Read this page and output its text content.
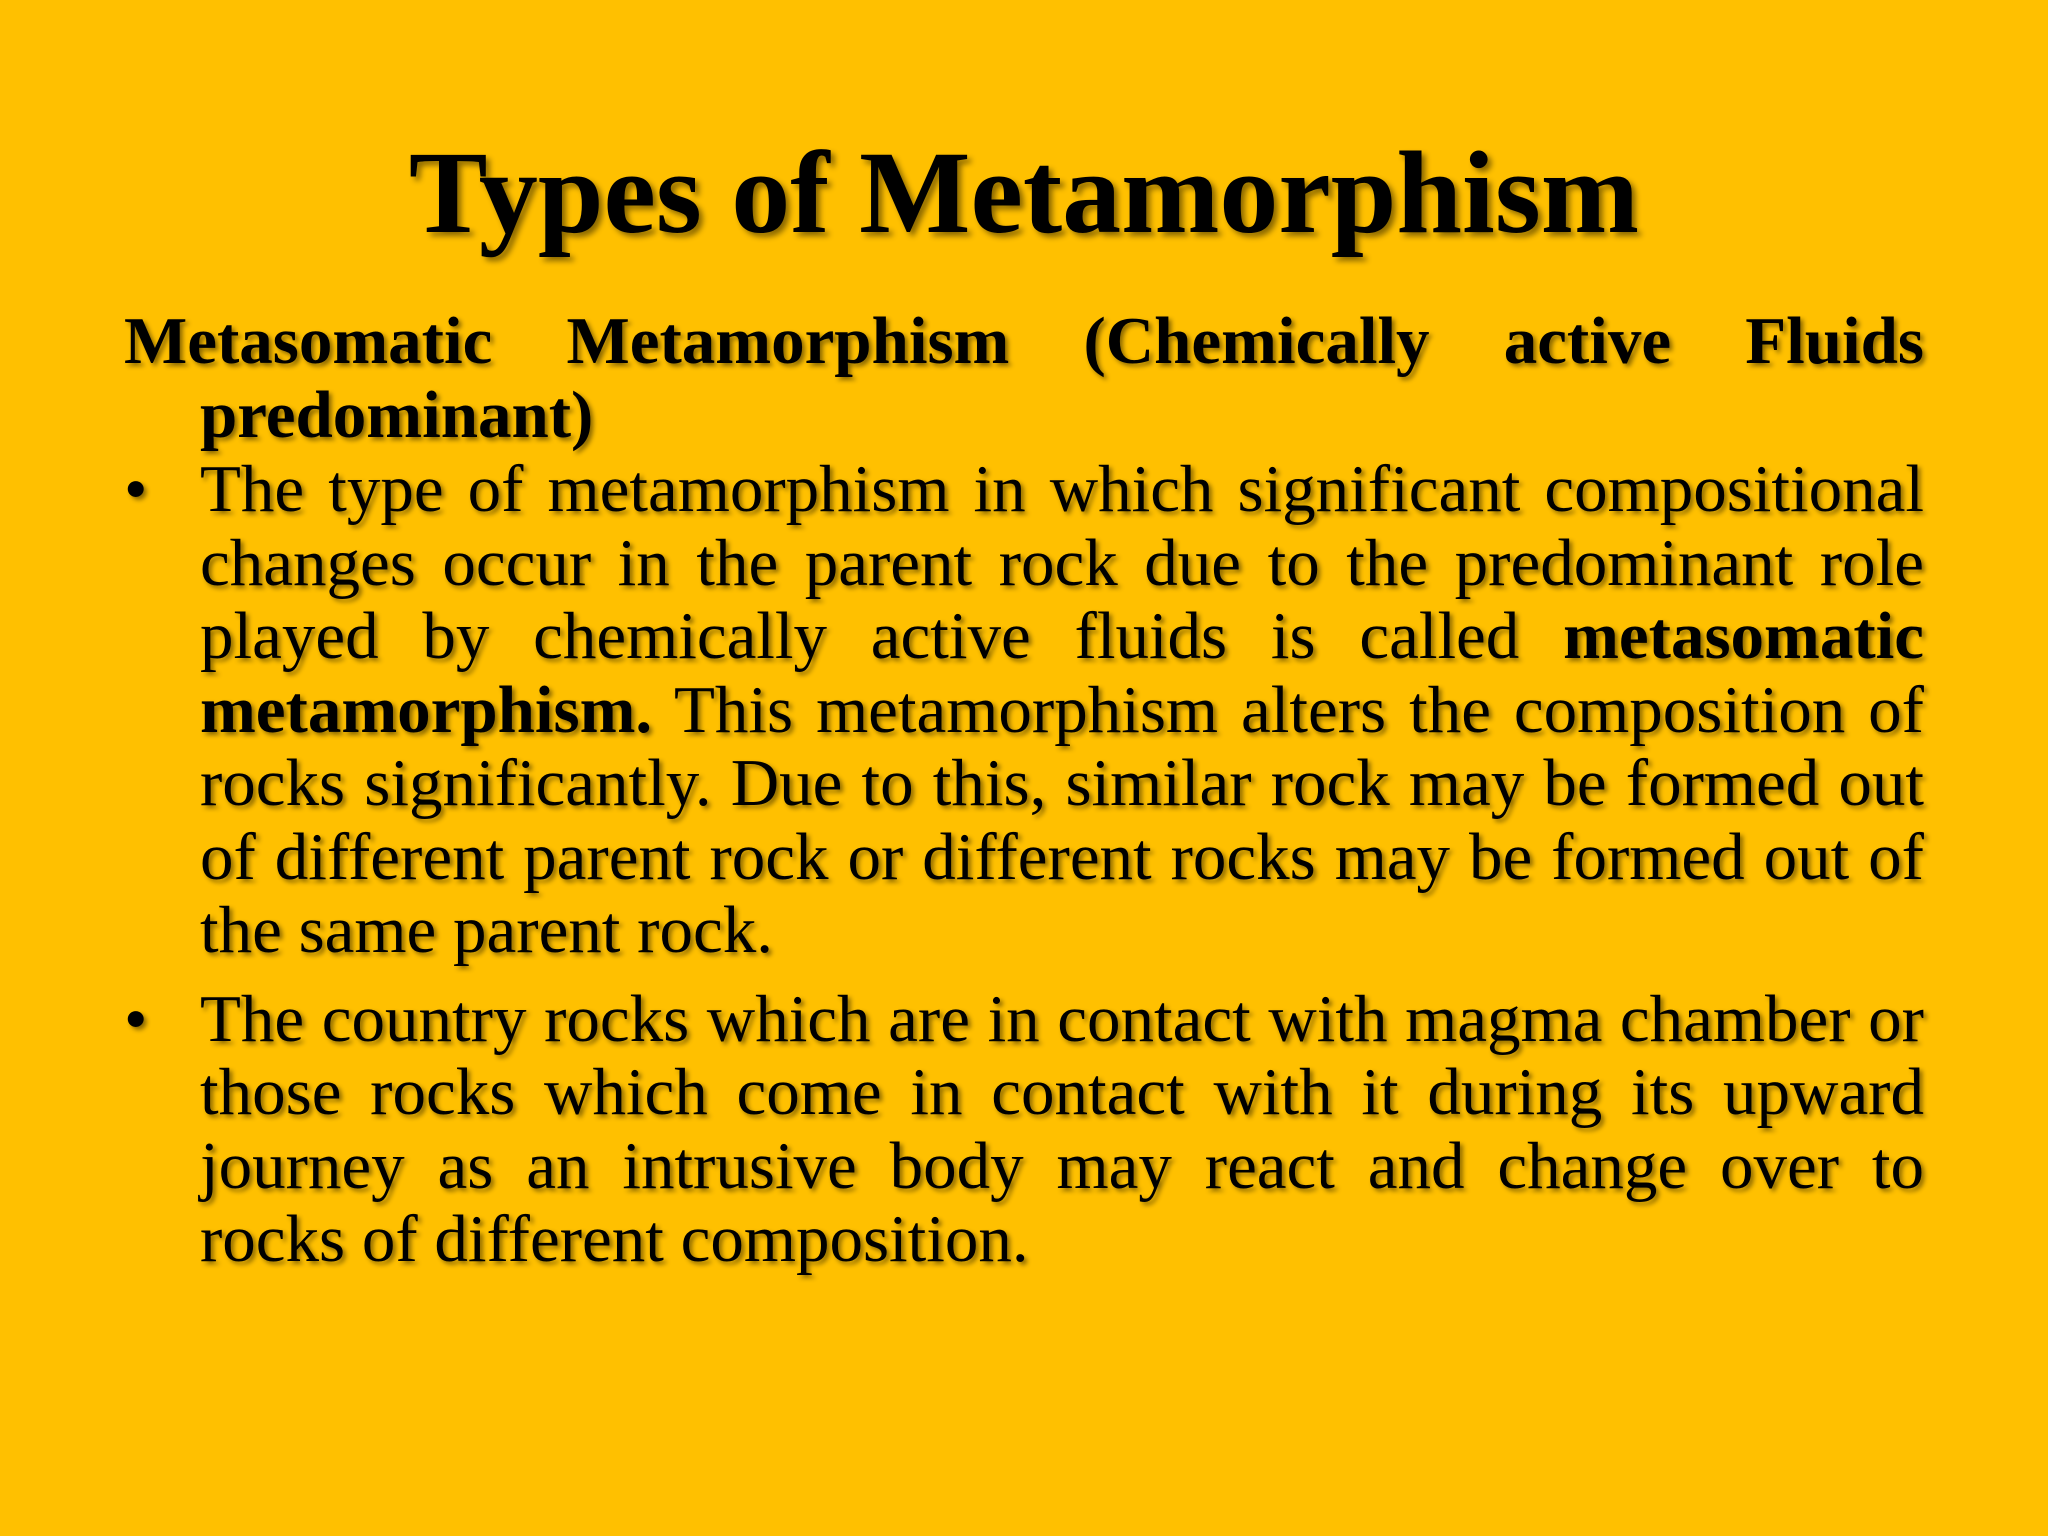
Types of Metamorphism

Metasomatic Metamorphism (Chemically active Fluids predominant)

• The type of metamorphism in which significant compositional changes occur in the parent rock due to the predominant role played by chemically active fluids is called metasomatic metamorphism. This metamorphism alters the composition of rocks significantly. Due to this, similar rock may be formed out of different parent rock or different rocks may be formed out of the same parent rock.
• The country rocks which are in contact with magma chamber or those rocks which come in contact with it during its upward journey as an intrusive body may react and change over to rocks of different composition.
